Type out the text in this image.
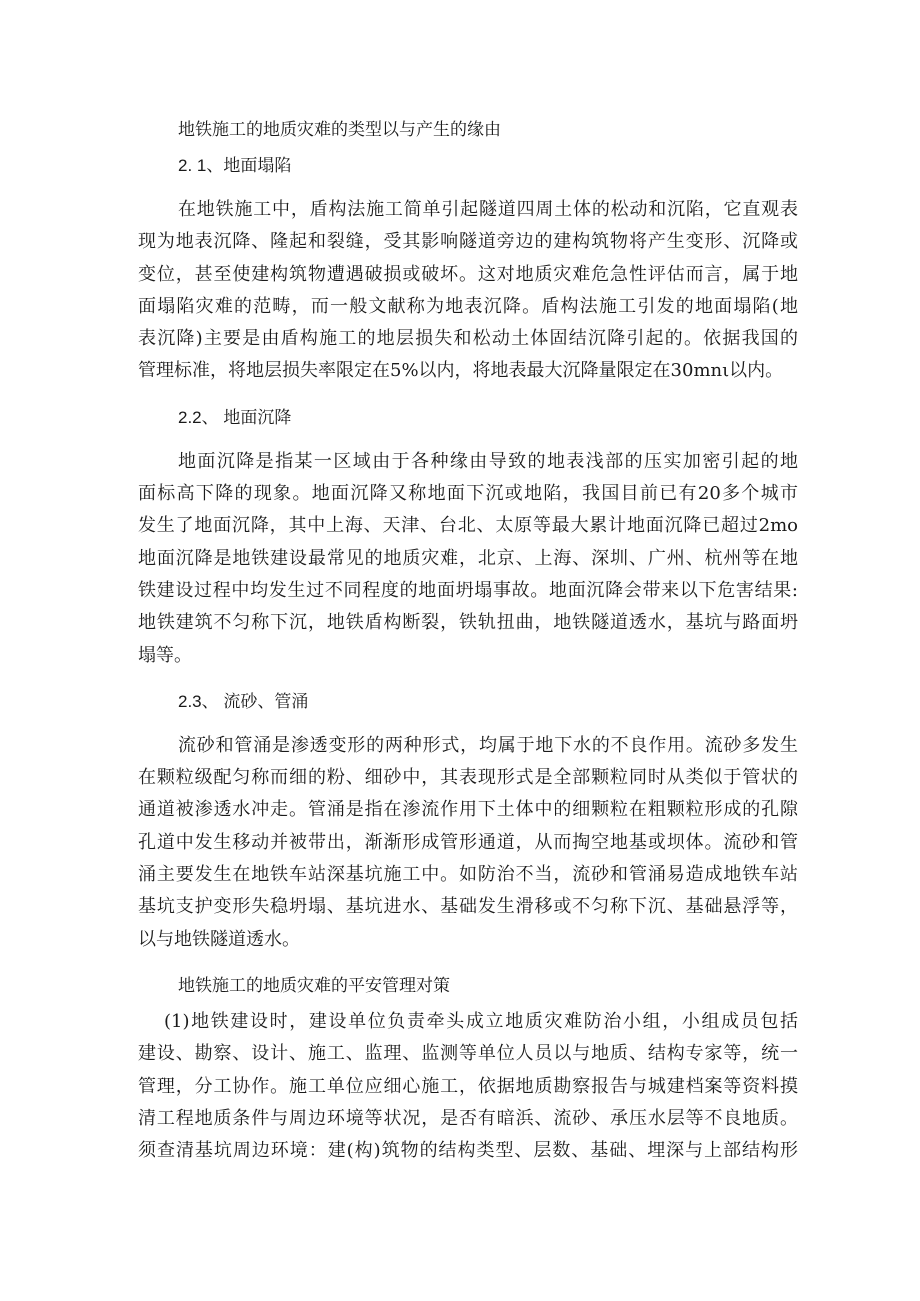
地铁施工的地质灾难的类型以与产生的缘由
2. 1、地面塌陷
在地铁施工中，盾构法施工简单引起隧道四周土体的松动和沉陷，它直观表
现为地表沉降、隆起和裂缝，受其影响隧道旁边的建构筑物将产生变形、沉降或
变位，甚至使建构筑物遭遇破损或破坏。这对地质灾难危急性评估而言，属于地
面塌陷灾难的范畴，而一般文献称为地表沉降。盾构法施工引发的地面塌陷(地
表沉降)主要是由盾构施工的地层损失和松动土体固结沉降引起的。依据我国的
管理标准，将地层损失率限定在5%以内，将地表最大沉降量限定在30mnι以内。
2.2、 地面沉降
地面沉降是指某一区域由于各种缘由导致的地表浅部的压实加密引起的地
面标高下降的现象。地面沉降又称地面下沉或地陷，我国目前已有20多个城市
发生了地面沉降，其中上海、天津、台北、太原等最大累计地面沉降已超过2mo
地面沉降是地铁建设最常见的地质灾难，北京、上海、深圳、广州、杭州等在地
铁建设过程中均发生过不同程度的地面坍塌事故。地面沉降会带来以下危害结果:
地铁建筑不匀称下沉，地铁盾构断裂，铁轨扭曲，地铁隧道透水，基坑与路面坍
塌等。
2.3、 流砂、管涌
流砂和管涌是渗透变形的两种形式，均属于地下水的不良作用。流砂多发生
在颗粒级配匀称而细的粉、细砂中，其表现形式是全部颗粒同时从类似于管状的
通道被渗透水冲走。管涌是指在渗流作用下土体中的细颗粒在粗颗粒形成的孔隙
孔道中发生移动并被带出，渐渐形成管形通道，从而掏空地基或坝体。流砂和管
涌主要发生在地铁车站深基坑施工中。如防治不当，流砂和管涌易造成地铁车站
基坑支护变形失稳坍塌、基坑进水、基础发生滑移或不匀称下沉、基础悬浮等，
以与地铁隧道透水。
地铁施工的地质灾难的平安管理对策
(1)地铁建设时，建设单位负责牵头成立地质灾难防治小组，小组成员包括
建设、勘察、设计、施工、监理、监测等单位人员以与地质、结构专家等，统一
管理，分工协作。施工单位应细心施工，依据地质勘察报告与城建档案等资料摸
清工程地质条件与周边环境等状况，是否有暗浜、流砂、承压水层等不良地质。
须查清基坑周边环境：建(构)筑物的结构类型、层数、基础、埋深与上部结构形
